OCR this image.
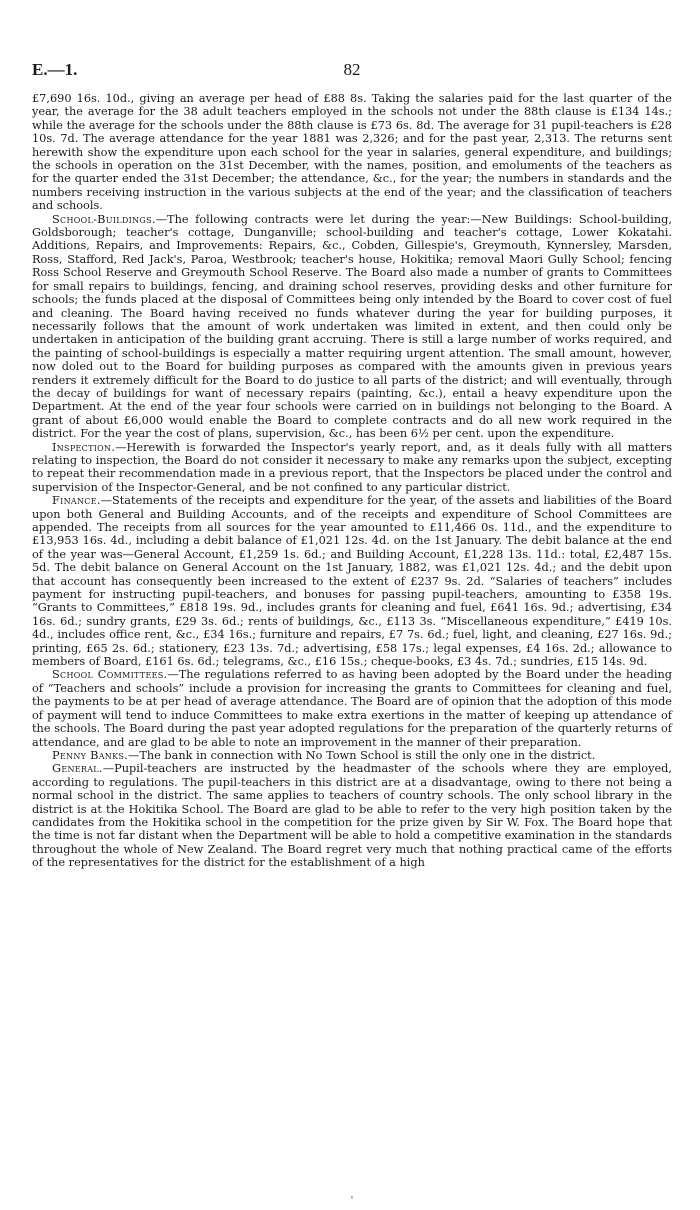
E.—1.	82

£7,690 16s. 10d., giving an average per head of £88 8s. Taking the salaries paid for the last quarter of the year, the average for the 38 adult teachers employed in the schools not under the 88th clause is £134 14s.; while the average for the schools under the 88th clause is £73 6s. 8d. The average for 31 pupil-teachers is £28 10s. 7d. The average attendance for the year 1881 was 2,326; and for the past year, 2,313. The returns sent herewith show the expenditure upon each school for the year in salaries, general expenditure, and buildings; the schools in operation on the 31st December, with the names, position, and emoluments of the teachers as for the quarter ended the 31st December; the attendance, &c., for the year; the numbers in standards and the numbers receiving instruction in the various subjects at the end of the year; and the classification of teachers and schools.

School-Buildings.—The following contracts were let during the year:—New Buildings: School-building, Goldsborough; teacher's cottage, Dunganville; school-building and teacher's cottage, Lower Kokatahi. Additions, Repairs, and Improvements: Repairs, &c., Cobden, Gillespie's, Greymouth, Kynnersley, Marsden, Ross, Stafford, Red Jack's, Paroa, Westbrook; teacher's house, Hokitika; removal Maori Gully School; fencing Ross School Reserve and Greymouth School Reserve. The Board also made a number of grants to Committees for small repairs to buildings, fencing, and draining school reserves, providing desks and other furniture for schools; the funds placed at the disposal of Committees being only intended by the Board to cover cost of fuel and cleaning. The Board having received no funds whatever during the year for building purposes, it necessarily follows that the amount of work undertaken was limited in extent, and then could only be undertaken in anticipation of the building grant accruing. There is still a large number of works required, and the painting of school-buildings is especially a matter requiring urgent attention. The small amount, however, now doled out to the Board for building purposes as compared with the amounts given in previous years renders it extremely difficult for the Board to do justice to all parts of the district; and will eventually, through the decay of buildings for want of necessary repairs (painting, &c.), entail a heavy expenditure upon the Department. At the end of the year four schools were carried on in buildings not belonging to the Board. A grant of about £6,000 would enable the Board to complete contracts and do all new work required in the district. For the year the cost of plans, supervision, &c., has been 6½ per cent. upon the expenditure.

Inspection.—Herewith is forwarded the Inspector's yearly report, and, as it deals fully with all matters relating to inspection, the Board do not consider it necessary to make any remarks upon the subject, excepting to repeat their recommendation made in a previous report, that the Inspectors be placed under the control and supervision of the Inspector-General, and be not confined to any particular district.

Finance.—Statements of the receipts and expenditure for the year, of the assets and liabilities of the Board upon both General and Building Accounts, and of the receipts and expenditure of School Committees are appended. The receipts from all sources for the year amounted to £11,466 0s. 11d., and the expenditure to £13,953 16s. 4d., including a debit balance of £1,021 12s. 4d. on the 1st January. The debit balance at the end of the year was—General Account, £1,259 1s. 6d.; and Building Account, £1,228 13s. 11d.: total, £2,487 15s. 5d. The debit balance on General Account on the 1st January, 1882, was £1,021 12s. 4d.; and the debit upon that account has consequently been increased to the extent of £237 9s. 2d. “Salaries of teachers” includes payment for instructing pupil-teachers, and bonuses for passing pupil-teachers, amounting to £358 19s. “Grants to Committees,” £818 19s. 9d., includes grants for cleaning and fuel, £641 16s. 9d.; advertising, £34 16s. 6d.; sundry grants, £29 3s. 6d.; rents of buildings, &c., £113 3s. “Miscellaneous expenditure,” £419 10s. 4d., includes office rent, &c., £34 16s.; furniture and repairs, £7 7s. 6d.; fuel, light, and cleaning, £27 16s. 9d.; printing, £65 2s. 6d.; stationery, £23 13s. 7d.; advertising, £58 17s.; legal expenses, £4 16s. 2d.; allowance to members of Board, £161 6s. 6d.; telegrams, &c., £16 15s.; cheque-books, £3 4s. 7d.; sundries, £15 14s. 9d.

School Committees.—The regulations referred to as having been adopted by the Board under the heading of “Teachers and schools” include a provision for increasing the grants to Committees for cleaning and fuel, the payments to be at per head of average attendance. The Board are of opinion that the adoption of this mode of payment will tend to induce Committees to make extra exertions in the matter of keeping up attendance of the schools. The Board during the past year adopted regulations for the preparation of the quarterly returns of attendance, and are glad to be able to note an improvement in the manner of their preparation.

Penny Banks.—The bank in connection with No Town School is still the only one in the district.

General.—Pupil-teachers are instructed by the headmaster of the schools where they are employed, according to regulations. The pupil-teachers in this district are at a disadvantage, owing to there not being a normal school in the district. The same applies to teachers of country schools. The only school library in the district is at the Hokitika School. The Board are glad to be able to refer to the very high position taken by the candidates from the Hokitika school in the competition for the prize given by Sir W. Fox. The Board hope that the time is not far distant when the Department will be able to hold a competitive examination in the standards throughout the whole of New Zealand. The Board regret very much that nothing practical came of the efforts of the representatives for the district for the establishment of a high

'
